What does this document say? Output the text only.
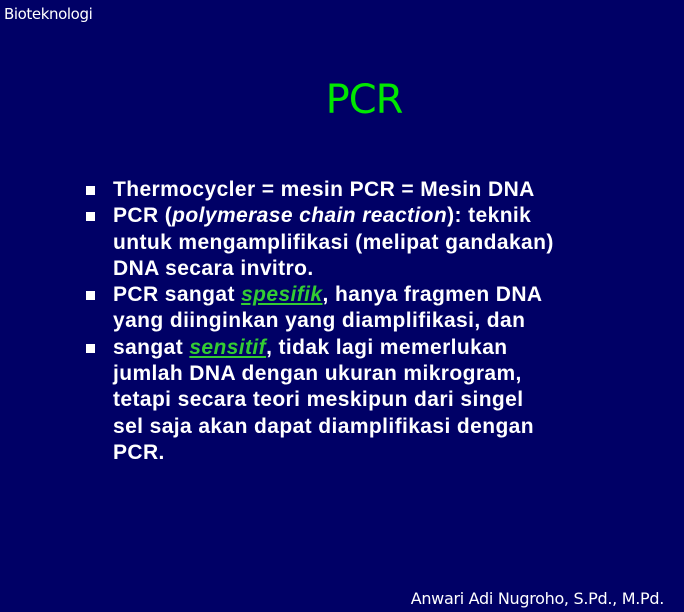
Bioteknologi
PCR
Thermocycler = mesin PCR = Mesin DNA
PCR (polymerase chain reaction): teknik untuk mengamplifikasi (melipat gandakan) DNA secara invitro.
PCR sangat spesifik, hanya fragmen DNA yang diinginkan yang diamplifikasi, dan
sangat sensitif, tidak lagi memerlukan jumlah DNA dengan ukuran mikrogram, tetapi secara teori meskipun dari singel sel saja akan dapat diamplifikasi dengan PCR.
Anwari Adi Nugroho, S.Pd., M.Pd.
